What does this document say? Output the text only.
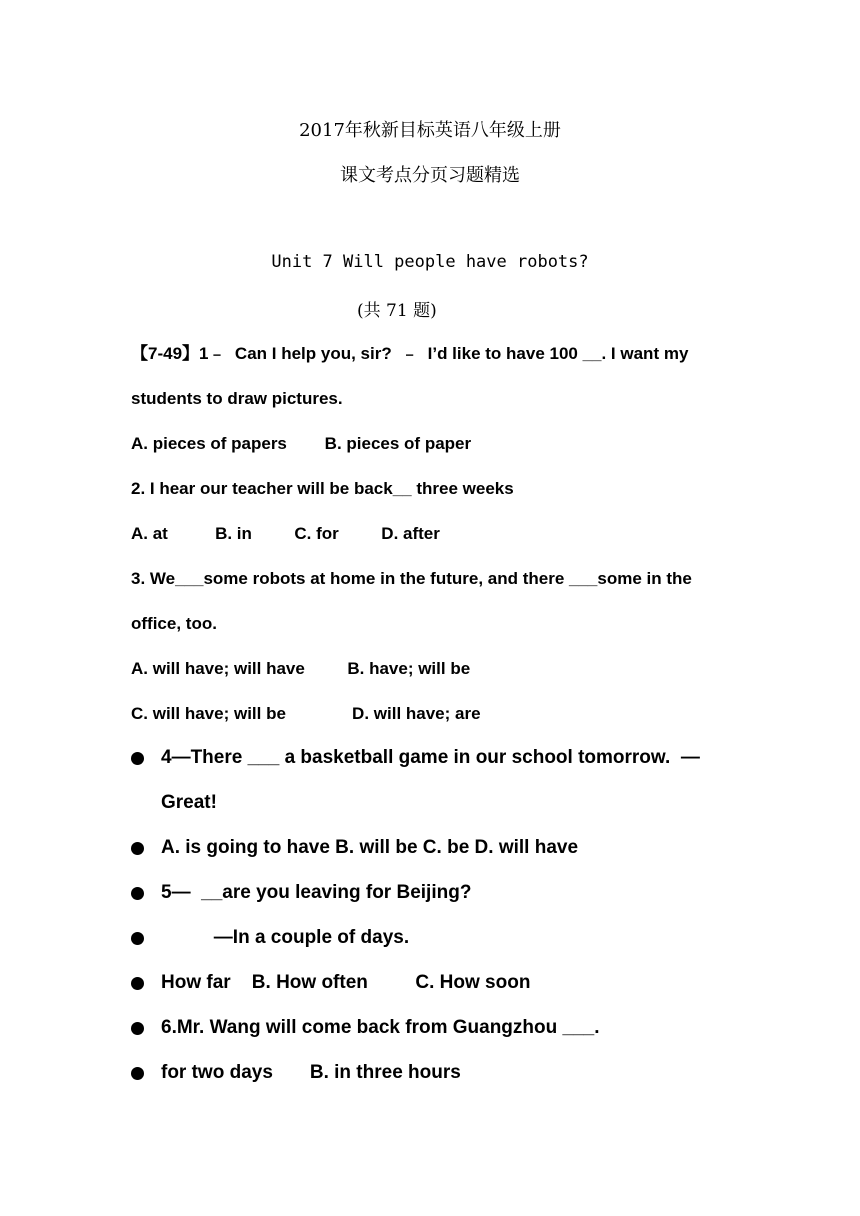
2017年秋新目标英语八年级上册
课文考点分页习题精选
Unit 7 Will people have robots?
(共 71 题)
【7-49】1﹣  Can I help you, sir?  ﹣  I’d like to have 100 __. I want my
students to draw pictures.
A. pieces of papers        B. pieces of paper
2. I hear our teacher will be back__ three weeks
A. at          B. in         C. for         D. after
3. We___some robots at home in the future, and there ___some in the
office, too.
A. will have; will have         B. have; will be
C. will have; will be              D. will have; are
4—There ___ a basketball game in our school tomorrow.  —
Great!
A. is going to have B. will be C. be D. will have
5—  __are you leaving for Beijing?
—In a couple of days.
How far    B. How often         C. How soon
6.Mr. Wang will come back from Guangzhou ___.
for two days       B. in three hours
